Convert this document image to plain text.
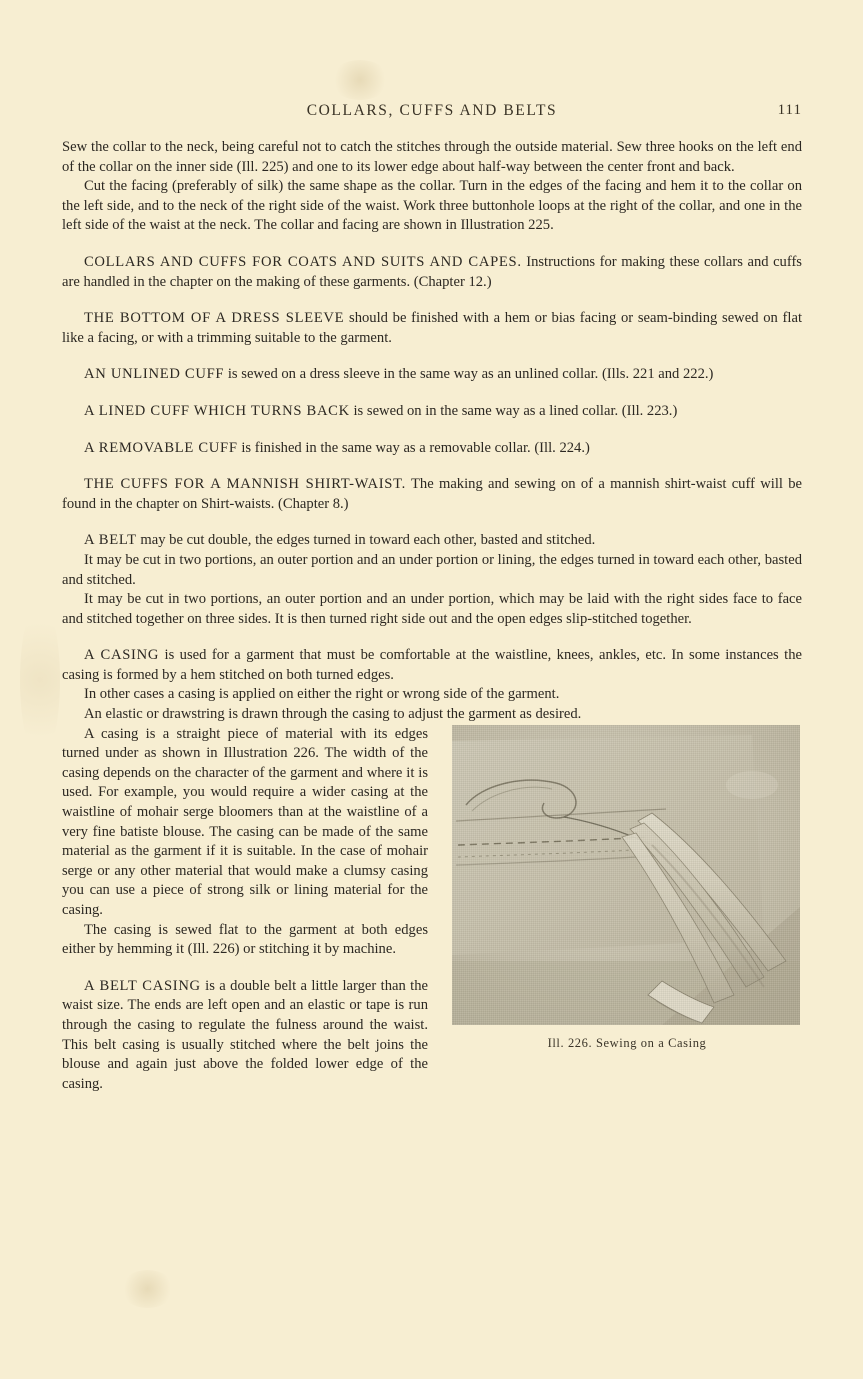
COLLARS, CUFFS AND BELTS	111

Sew the collar to the neck, being careful not to catch the stitches through the outside material. Sew three hooks on the left end of the collar on the inner side (Ill. 225) and one to its lower edge about half-way between the center front and back.

Cut the facing (preferably of silk) the same shape as the collar. Turn in the edges of the facing and hem it to the collar on the left side, and to the neck of the right side of the waist. Work three buttonhole loops at the right of the collar, and one in the left side of the waist at the neck. The collar and facing are shown in Illustration 225.

COLLARS AND CUFFS FOR COATS AND SUITS AND CAPES. Instructions for making these collars and cuffs are handled in the chapter on the making of these garments. (Chapter 12.)

THE BOTTOM OF A DRESS SLEEVE should be finished with a hem or bias facing or seam-binding sewed on flat like a facing, or with a trimming suitable to the garment.

AN UNLINED CUFF is sewed on a dress sleeve in the same way as an unlined collar. (Ills. 221 and 222.)

A LINED CUFF WHICH TURNS BACK is sewed on in the same way as a lined collar. (Ill. 223.)

A REMOVABLE CUFF is finished in the same way as a removable collar. (Ill. 224.)

THE CUFFS FOR A MANNISH SHIRT-WAIST. The making and sewing on of a mannish shirt-waist cuff will be found in the chapter on Shirt-waists. (Chapter 8.)

A BELT may be cut double, the edges turned in toward each other, basted and stitched.

It may be cut in two portions, an outer portion and an under portion or lining, the edges turned in toward each other, basted and stitched.

It may be cut in two portions, an outer portion and an under portion, which may be laid with the right sides face to face and stitched together on three sides. It is then turned right side out and the open edges slip-stitched together.

A CASING is used for a garment that must be comfortable at the waistline, knees, ankles, etc. In some instances the casing is formed by a hem stitched on both turned edges.

In other cases a casing is applied on either the right or wrong side of the garment.

An elastic or drawstring is drawn through the casing to adjust the garment as desired.

Ill. 226. Sewing on a Casing

A casing is a straight piece of material with its edges turned under as shown in Illustration 226. The width of the casing depends on the character of the garment and where it is used. For example, you would require a wider casing at the waistline of mohair serge bloomers than at the waistline of a very fine batiste blouse. The casing can be made of the same material as the garment if it is suitable. In the case of mohair serge or any other material that would make a clumsy casing you can use a piece of strong silk or lining material for the casing.

The casing is sewed flat to the garment at both edges either by hemming it (Ill. 226) or stitching it by machine.

A BELT CASING is a double belt a little larger than the waist size. The ends are left open and an elastic or tape is run through the casing to regulate the fulness around the waist. This belt casing is usually stitched where the belt joins the blouse and again just above the folded lower edge of the casing.
